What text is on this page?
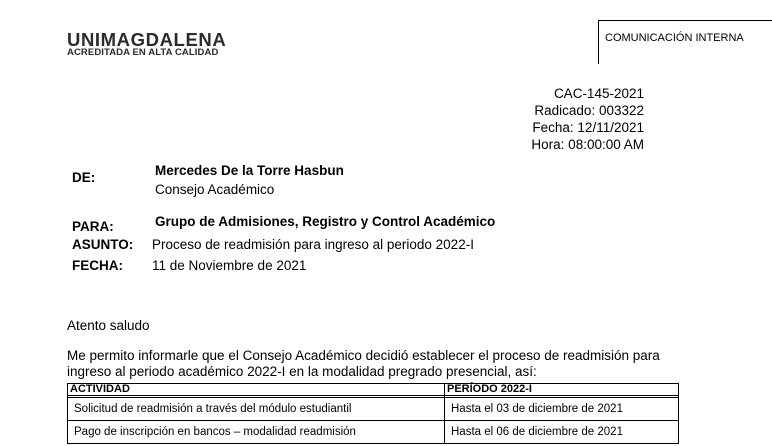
UNIMAGDALENA
ACREDITADA EN ALTA CALIDAD
COMUNICACIÓN INTERNA
CAC-145-2021
Radicado: 003322
Fecha: 12/11/2021
Hora: 08:00:00 AM
DE:	Mercedes De la Torre Hasbun
Consejo Académico
PARA:	Grupo de Admisiones, Registro y Control Académico
ASUNTO: Proceso de readmisión para ingreso al periodo 2022-I
FECHA: 11 de Noviembre de 2021
Atento saludo
Me permito informarle que el Consejo Académico decidió establecer el proceso de readmisión para
ingreso al periodo académico 2022-I en la modalidad pregrado presencial, así:
ACTIVIDAD	PERÍODO 2022-I

Solicitud de readmisión a través del módulo estudiantil	Hasta el 03 de diciembre de 2021
Pago de inscripción en bancos – modalidad readmisión	Hasta el 06 de diciembre de 2021
